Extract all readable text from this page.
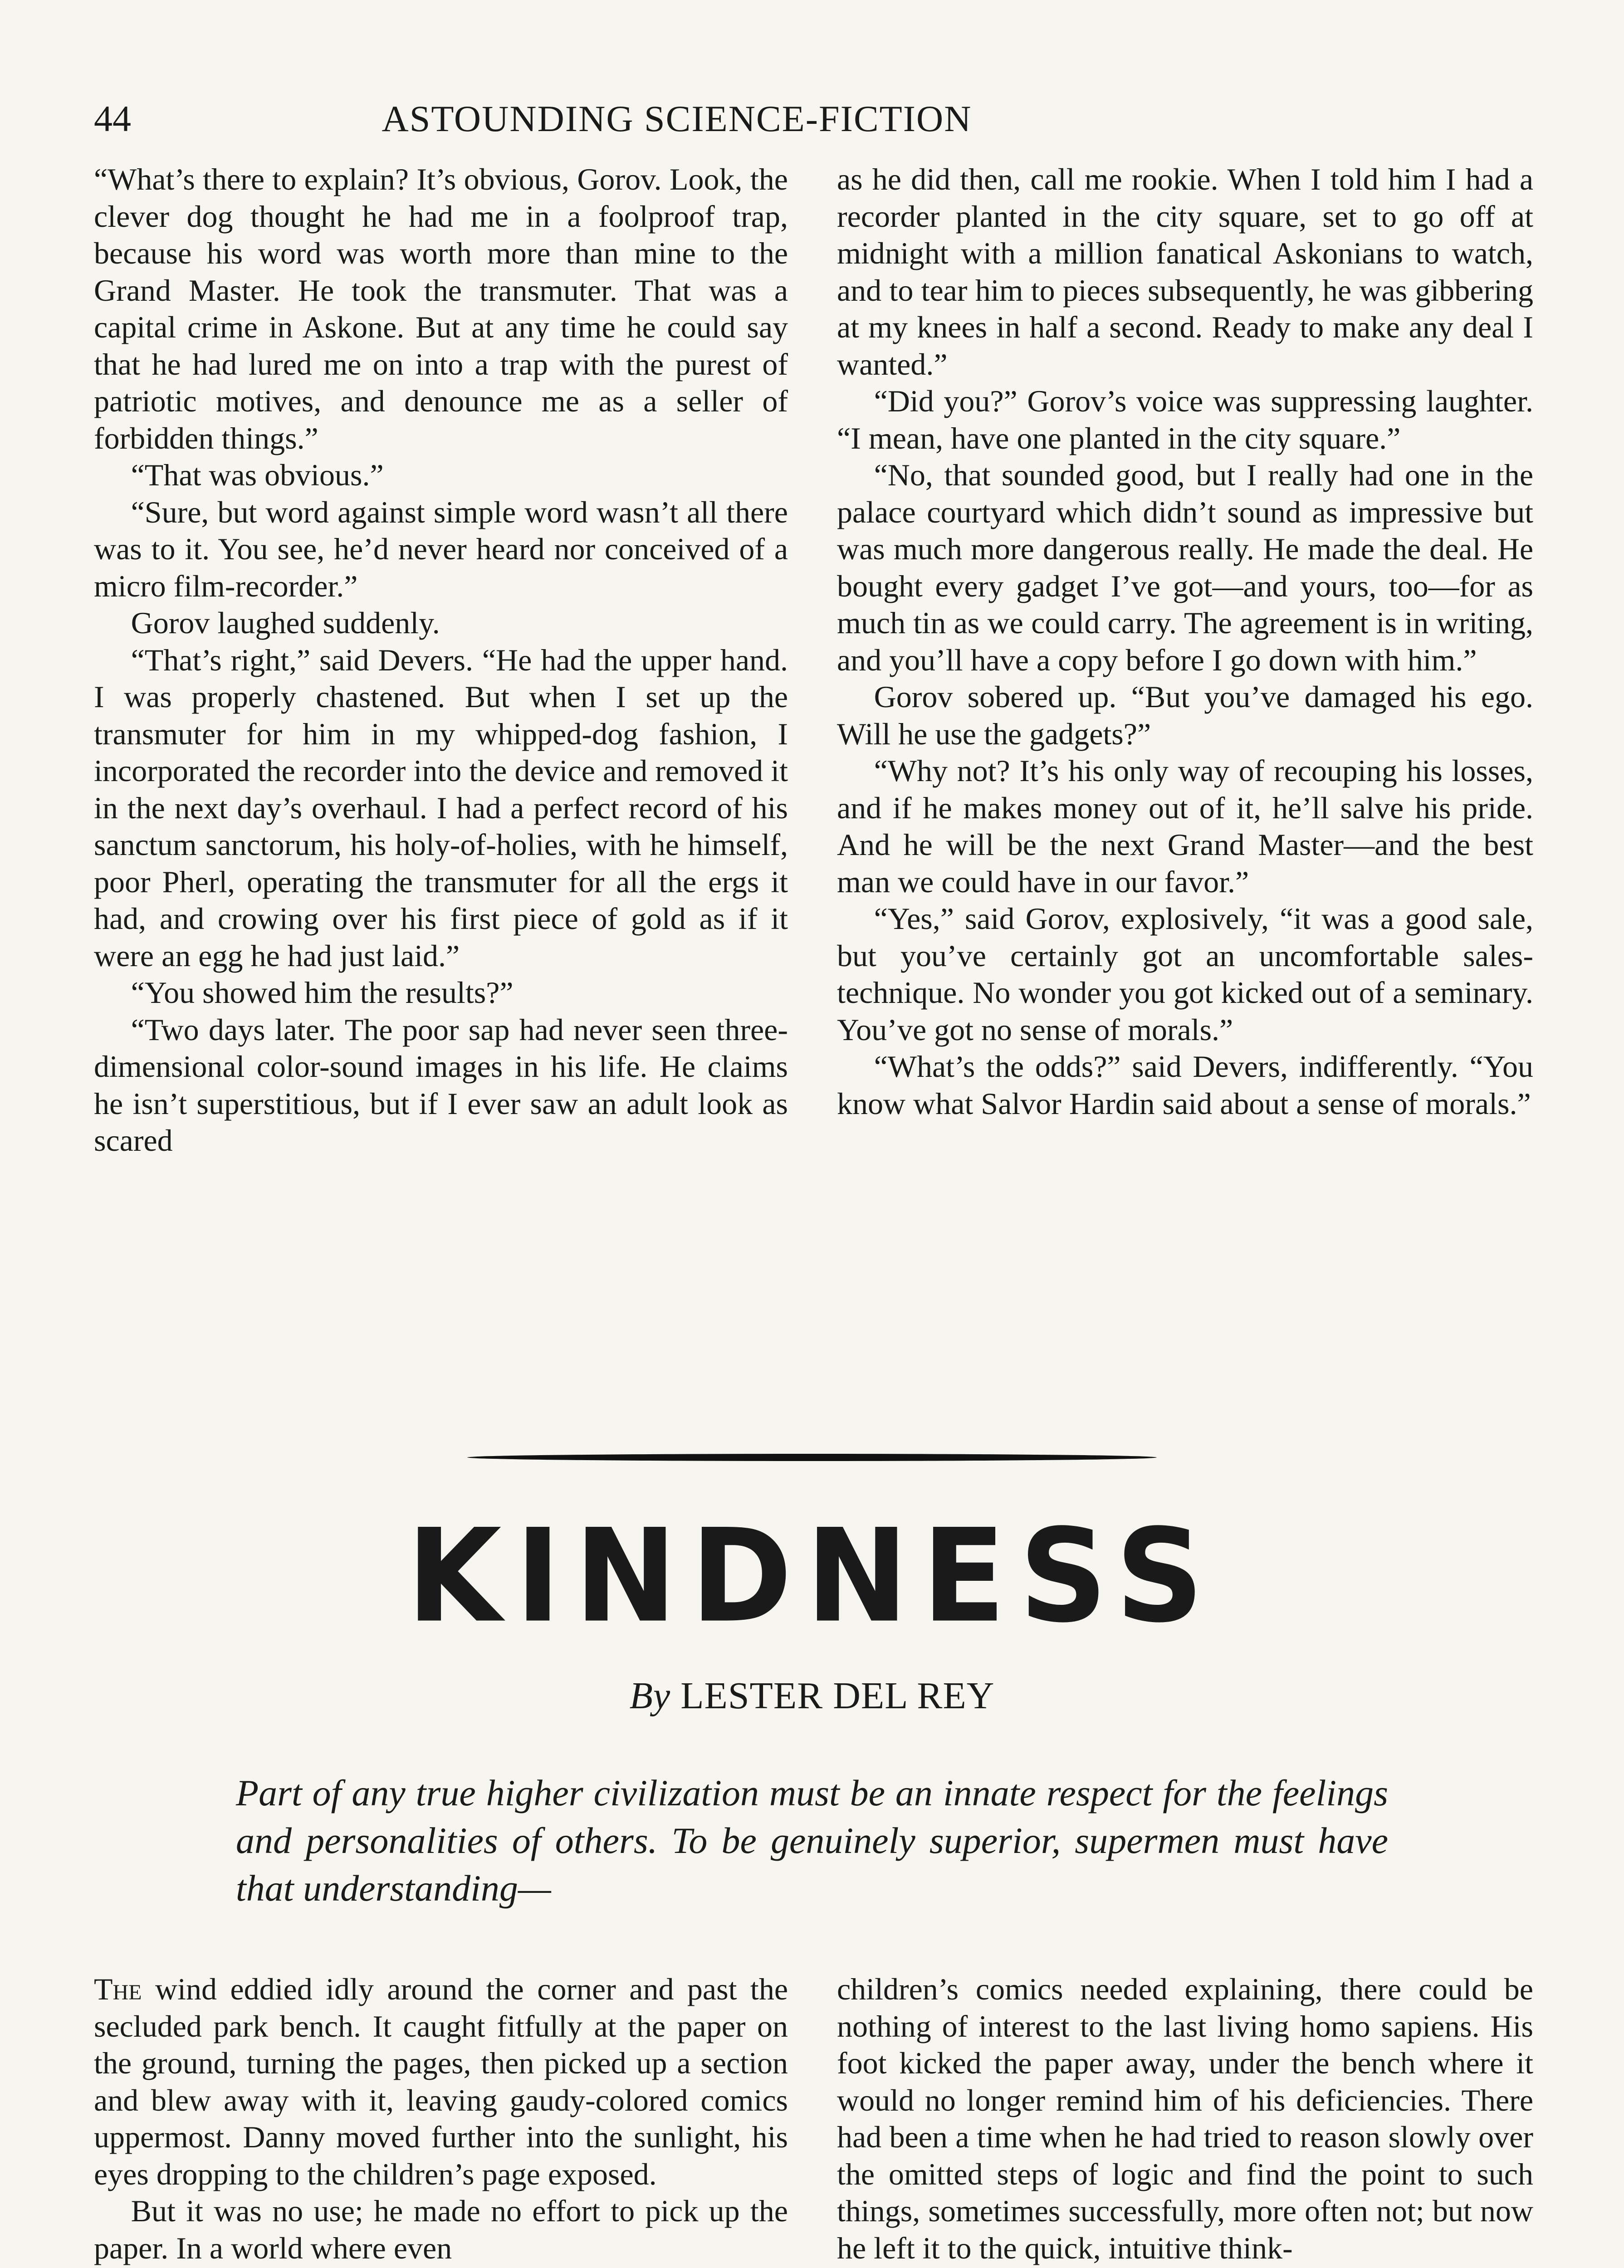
44	ASTOUNDING SCIENCE-FICTION

“What’s there to explain? It’s obvious, Gorov. Look, the clever dog thought he had me in a foolproof trap, because his word was worth more than mine to the Grand Master. He took the transmuter. That was a capital crime in Askone. But at any time he could say that he had lured me on into a trap with the purest of patriotic motives, and denounce me as a seller of forbidden things.”

“That was obvious.”

“Sure, but word against simple word wasn’t all there was to it. You see, he’d never heard nor conceived of a micro film-recorder.”

Gorov laughed suddenly.

“That’s right,” said Devers. “He had the upper hand. I was properly chastened. But when I set up the transmuter for him in my whipped-dog fashion, I incorporated the recorder into the device and removed it in the next day’s overhaul. I had a perfect record of his sanctum sanctorum, his holy-of-holies, with he himself, poor Pherl, operating the transmuter for all the ergs it had, and crowing over his first piece of gold as if it were an egg he had just laid.”

“You showed him the results?”

“Two days later. The poor sap had never seen three-dimensional color-sound images in his life. He claims he isn’t superstitious, but if I ever saw an adult look as scared

as he did then, call me rookie. When I told him I had a recorder planted in the city square, set to go off at midnight with a million fanatical Askonians to watch, and to tear him to pieces subsequently, he was gibbering at my knees in half a second. Ready to make any deal I wanted.”

“Did you?” Gorov’s voice was suppressing laughter. “I mean, have one planted in the city square.”

“No, that sounded good, but I really had one in the palace courtyard which didn’t sound as impressive but was much more dangerous really. He made the deal. He bought every gadget I’ve got—and yours, too—for as much tin as we could carry. The agreement is in writing, and you’ll have a copy before I go down with him.”

Gorov sobered up. “But you’ve damaged his ego. Will he use the gadgets?”

“Why not? It’s his only way of recouping his losses, and if he makes money out of it, he’ll salve his pride. And he will be the next Grand Master—and the best man we could have in our favor.”

“Yes,” said Gorov, explosively, “it was a good sale, but you’ve certainly got an uncomfortable sales-technique. No wonder you got kicked out of a seminary. You’ve got no sense of morals.”

“What’s the odds?” said Devers, indifferently. “You know what Salvor Hardin said about a sense of morals.”

KINDNESS
By LESTER DEL REY
Part of any true higher civilization must be an innate respect for the feelings and personalities of others. To be genuinely superior, supermen must have that understanding—

The wind eddied idly around the corner and past the secluded park bench. It caught fitfully at the paper on the ground, turning the pages, then picked up a section and blew away with it, leaving gaudy-colored comics uppermost. Danny moved further into the sunlight, his eyes dropping to the children’s page exposed.

But it was no use; he made no effort to pick up the paper. In a world where even

children’s comics needed explaining, there could be nothing of interest to the last living homo sapiens. His foot kicked the paper away, under the bench where it would no longer remind him of his deficiencies. There had been a time when he had tried to reason slowly over the omitted steps of logic and find the point to such things, sometimes successfully, more often not; but now he left it to the quick, intuitive think-
